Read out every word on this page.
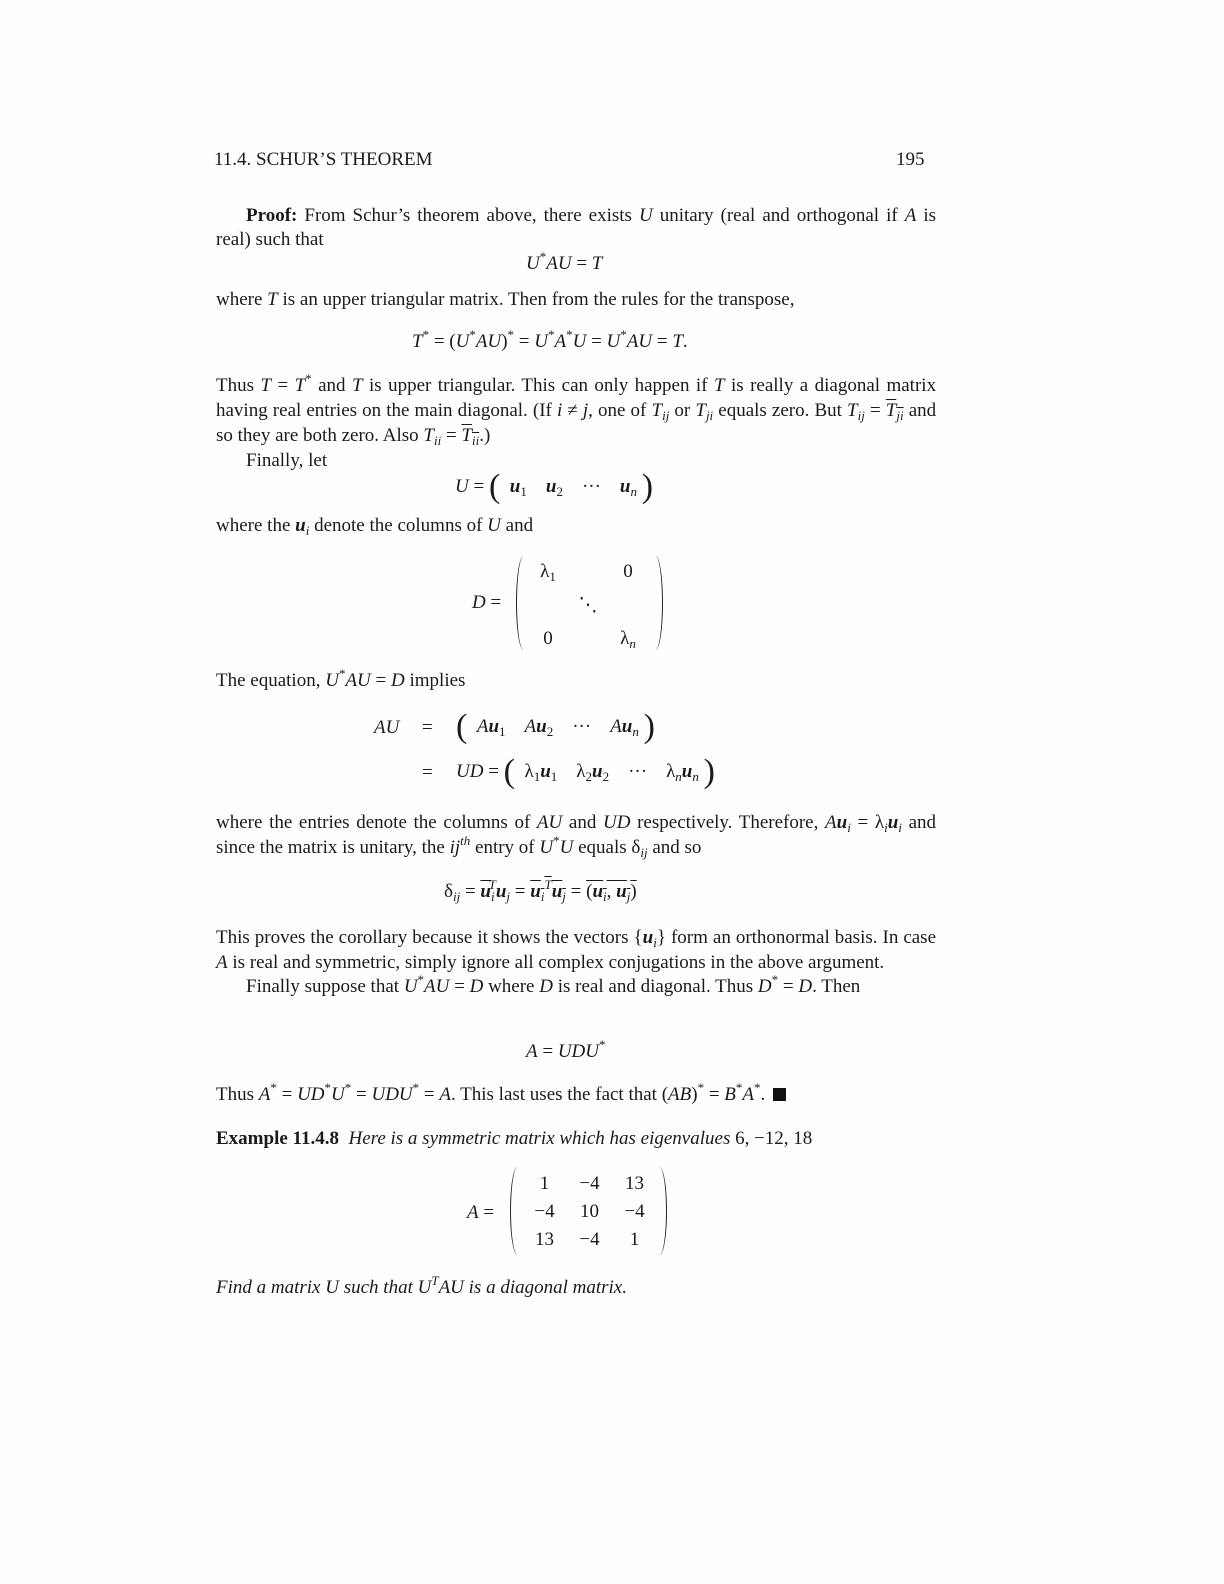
11.4. SCHUR’S THEOREM	195

Proof: From Schur’s theorem above, there exists U unitary (real and orthogonal if A is real) such that

U*AU = T

where T is an upper triangular matrix. Then from the rules for the transpose,

T* = (U*AU)* = U*A*U = U*AU = T.

Thus T = T* and T is upper triangular. This can only happen if T is really a diagonal matrix having real entries on the main diagonal. (If i ≠ j, one of $T_{ij}$ or $T_{ji}$ equals zero. But $T_{ij} = T_{ji}$ and so they are both zero. Also $T_{ii} = T_{ii}$.)

Finally, let

U = ( $u_1$ $u_2$    ···    $u_n$ )

where the $u_i$ denote the columns of U and

D =
$\lambda_1$	0
⋱
0	$\lambda_n$

The equation, U*AU = D implies

AU = ( $Au_1$ $Au_2$    ···    $Au_n$ )
= UD = (  $\lambda_1u_1$    $\lambda_2u_2$    ···    $\lambda_nu_n$ )

where the entries denote the columns of AU and UD respectively. Therefore, $Au_i = \lambda_iu_i$ and since the matrix is unitary, the $ij^{th}$ entry of U*U equals $\delta_{ij}$ and so

$\delta_{ij} = \overline{u}_i^Tu_j = u_i^Tu_j = (u_i$, $u_j$)

This proves the corollary because it shows the vectors $\{u_i\}$ form an orthonormal basis. In case A is real and symmetric, simply ignore all complex conjugations in the above argument.

Finally suppose that U*AU = D where D is real and diagonal. Thus D* = D. Then

A = UDU*

Thus A* = UD*U* = UDU* = A. This last uses the fact that (AB)* = B*A*.

Example 11.4.8 Here is a symmetric matrix which has eigenvalues 6, −12, 18

A =
1	−4	13
−4	10	−4
13	−4	1

Find a matrix U such that $U^TAU$ is a diagonal matrix.
